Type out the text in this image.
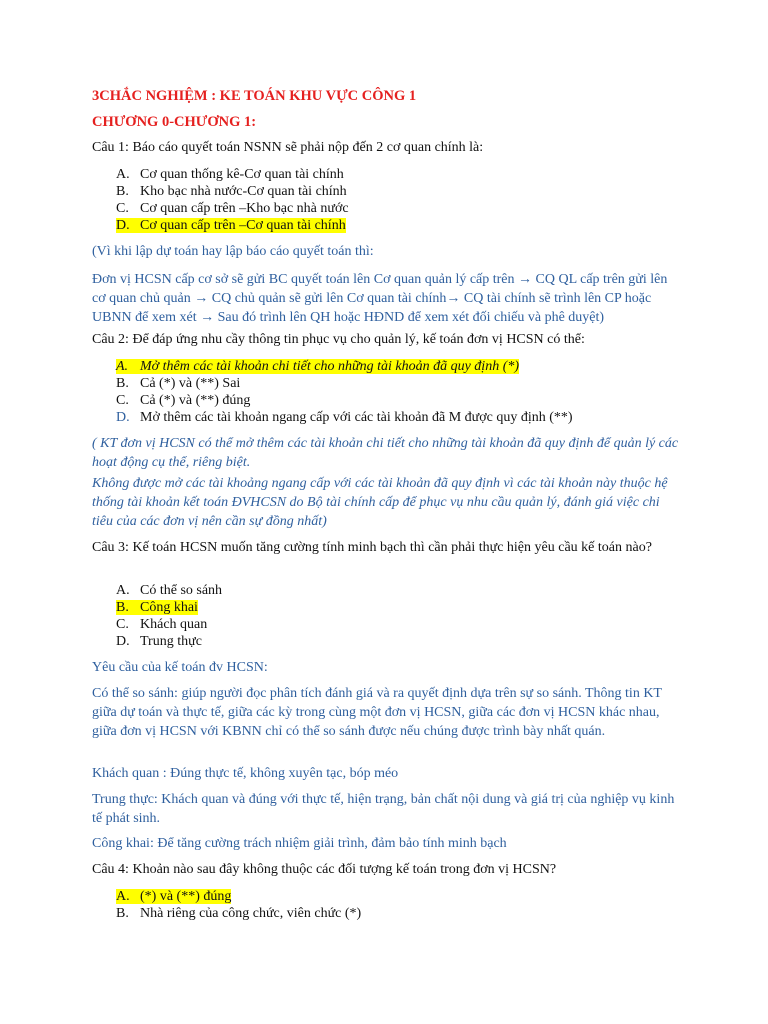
3CHẮC NGHIỆM : KE TOÁN KHU VỰC CÔNG 1
CHƯƠNG 0-CHƯƠNG 1:
Câu 1: Báo cáo quyết toán NSNN sẽ phải nộp đến 2 cơ quan chính là:
A. Cơ quan thống kê-Cơ quan tài chính
B. Kho bạc nhà nước-Cơ quan tài chính
C. Cơ quan cấp trên –Kho bạc nhà nước
D. Cơ quan cấp trên –Cơ quan tài chính
(Vì khi lập dự toán hay lập báo cáo quyết toán thì:
Đơn vị HCSN cấp cơ sở sẽ gửi BC quyết toán lên Cơ quan quản lý cấp trên → CQ QL cấp trên gửi lên cơ quan chủ quản → CQ chủ quản sẽ gửi lên Cơ quan tài chính→ CQ tài chính sẽ trình lên CP hoặc UBNN để xem xét → Sau đó trình lên QH hoặc HĐND để xem xét đối chiếu và phê duyệt)
Câu 2: Để đáp ứng nhu cầy thông tin phục vụ cho quản lý, kế toán đơn vị HCSN có thể:
A. Mở thêm các tài khoản chi tiết cho những tài khoản đã quy định (*)
B. Cả (*) và (**) Sai
C. Cả (*) và (**) đúng
D. Mở thêm các tài khoản ngang cấp với các tài khoản đã M được quy định (**)
( KT đơn vị HCSN có thể mở thêm các tài khoản chi tiết cho những tài khoản đã quy định để quản lý các hoạt động cụ thể, riêng biệt.
Không được mở các tài khoảng ngang cấp với các tài khoản đã quy định vì các tài khoản này thuộc hệ thống tài khoản kết toán ĐVHCSN do Bộ tài chính cấp để phục vụ nhu cầu quản lý, đánh giá việc chi tiêu của các đơn vị nên cần sự đồng nhất)
Câu 3: Kế toán HCSN muốn tăng cường tính minh bạch thì cần phải thực hiện yêu cầu kế toán nào?
A. Có thể so sánh
B. Công khai
C. Khách quan
D. Trung thực
Yêu cầu của kế toán đv HCSN:
Có thể so sánh: giúp người đọc phân tích đánh giá và ra quyết định dựa trên sự so sánh. Thông tin KT giữa dự toán và thực tế, giữa các kỳ trong cùng một đơn vị HCSN, giữa các đơn vị HCSN khác nhau, giữa đơn vị HCSN với KBNN chỉ có thể so sánh được nếu chúng được trình bày nhất quán.
Khách quan : Đúng thực tế, không xuyên tạc, bóp méo
Trung thực: Khách quan và đúng với thực tế, hiện trạng, bản chất nội dung và giá trị của nghiệp vụ kinh tế phát sinh.
Công khai: Để tăng cường trách nhiệm giải trình, đảm bảo tính minh bạch
Câu 4: Khoản nào sau đây không thuộc các đối tượng kế toán trong đơn vị HCSN?
A. (*) và (**) đúng
B. Nhà riêng của công chức, viên chức (*)
